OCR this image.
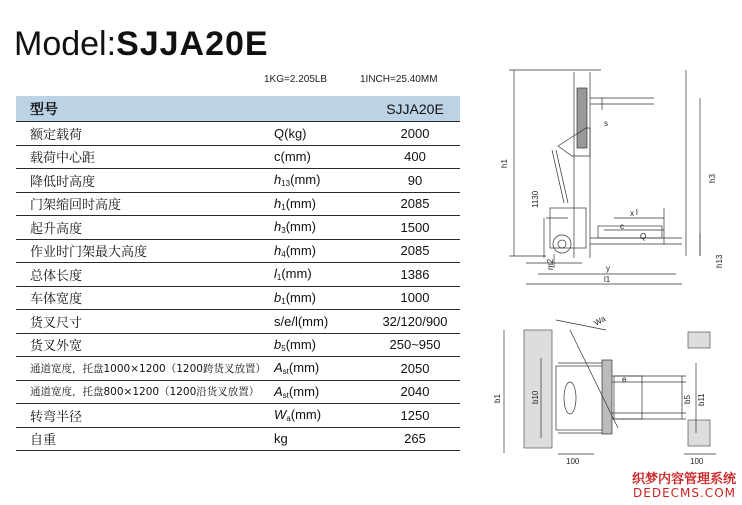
Model:SJJA20E
1KG=2.205LB	1INCH=25.40MM
型号		SJJA20E
额定载荷	Q(kg)	2000
载荷中心距	c(mm)	400
降低时高度	$h_{13}(mm)$	90
门架缩回时高度	$h_1(mm)$	2085
起升高度	$h_3(mm)$	1500
作业时门架最大高度	$h_4(mm)$	2085
总体长度	$l_1(mm)$	1386
车体宽度	$b_1(mm)$	1000
货叉尺寸	s/e/l(mm)	32/120/900
货叉外宽	$b_5(mm)$	250~950
通道宽度，托盘1000×1200（1200跨货叉放置）	$A_{st}(mm)$	2050
通道宽度，托盘800×1200（1200沿货叉放置）	$A_{st}(mm)$	2040
转弯半径	$W_a(mm)$	1250
自重	kg	265
h1
1130
h3
h13
m2
s
l
x
c
Q
y
l1
Wa
e
b1	b10	b5 b11
100	100
织梦内容管理系统
DEDECMS.COM
